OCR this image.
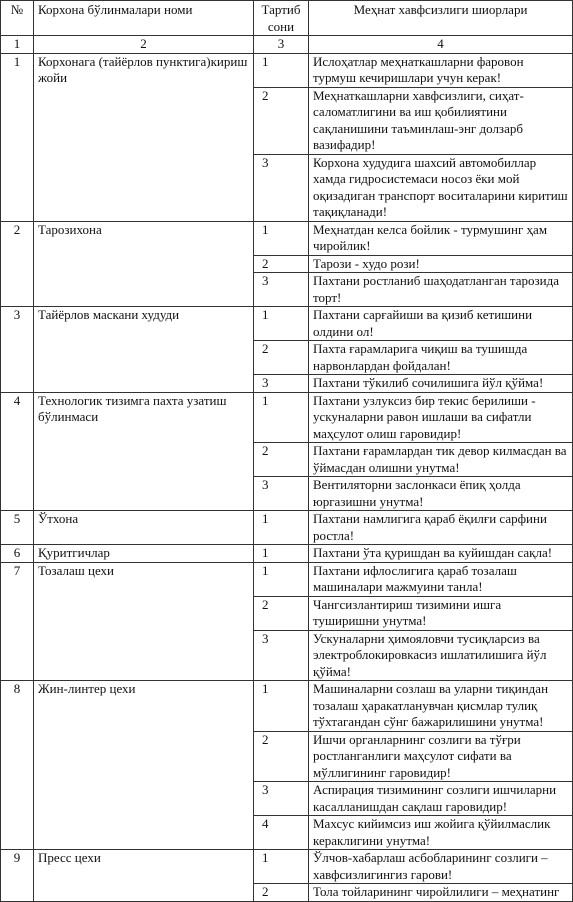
№	Корхона бўлинмалари номи	Тартиб сони	Меҳнат хавфсизлиги шиорлари
1	2	3	4
1	Корхонага (тайёрлов пунктига)кириш жойи	1	Ислоҳатлар меҳнаткашларни фаровон турмуш кечиришлари учун керак!
		2	Меҳнаткашларни хавфсизлиги, сиҳат-саломатлигини ва иш қобилиятини сақланишини таъминлаш-энг долзарб вазифадир!
		3	Корхона худудига шахсий автомобиллар хамда гидросистемаси носоз ёки мой оқизадиган транспорт воситаларини киритиш тақиқланади!
2	Тарозихона	1	Меҳнатдан келса бойлик - турмушинг ҳам чиройлик!
		2	Тарози - худо рози!
		3	Пахтани ростланиб шаҳодатланган тарозида торт!
3	Тайёрлов маскани худуди	1	Пахтани сарғайиши ва қизиб кетишини олдини ол!
		2	Пахта ғарамларига чиқиш ва тушишда нарвонлардан фойдалан!
		3	Пахтани тўкилиб сочилишига йўл қўйма!
4	Технологик тизимга пахта узатиш бўлинмаси	1	Пахтани узлуксиз бир текис берилиши - ускуналарни равон ишлаши ва сифатли маҳсулот олиш гаровидир!
		2	Пахтани ғарамлардан тик девор килмасдан ва ўймасдан олишни унутма!
		3	Вентиляторни заслонкаси ёпиқ ҳолда юргазишни унутма!
5	Ўтхона	1	Пахтани намлигига қараб ёқилғи сарфини ростла!
6	Қуритгичлар	1	Пахтани ўта қуришдан ва куйишдан сақла!
7	Тозалаш цехи	1	Пахтани ифлослигига қараб тозалаш машиналари мажмуини танла!
		2	Чангсизлантириш тизимини ишга туширишни унутма!
		3	Ускуналарни ҳимояловчи тусиқларсиз ва электроблокировкасиз ишлатилишига йўл қўйма!
8	Жин-линтер цехи	1	Машиналарни созлаш ва уларни тиқиндан тозалаш ҳаракатланувчан қисмлар тулиқ тўхтагандан сўнг бажарилишини унутма!
		2	Ишчи органларнинг созлиги ва тўғри ростланганлиги маҳсулот сифати ва мўллигининг гаровидир!
		3	Аспирация тизимининг созлиги ишчиларни касалланишдан сақлаш гаровидир!
		4	Махсус кийимсиз иш жойига қўйилмаслик кераклигини унутма!
9	Пресс цехи	1	Ўлчов-хабарлаш асбобларининг созлиги – хавфсизлигингиз гарови!
		2	Тола тойларининг чиройлилиги – меҳнатинг
